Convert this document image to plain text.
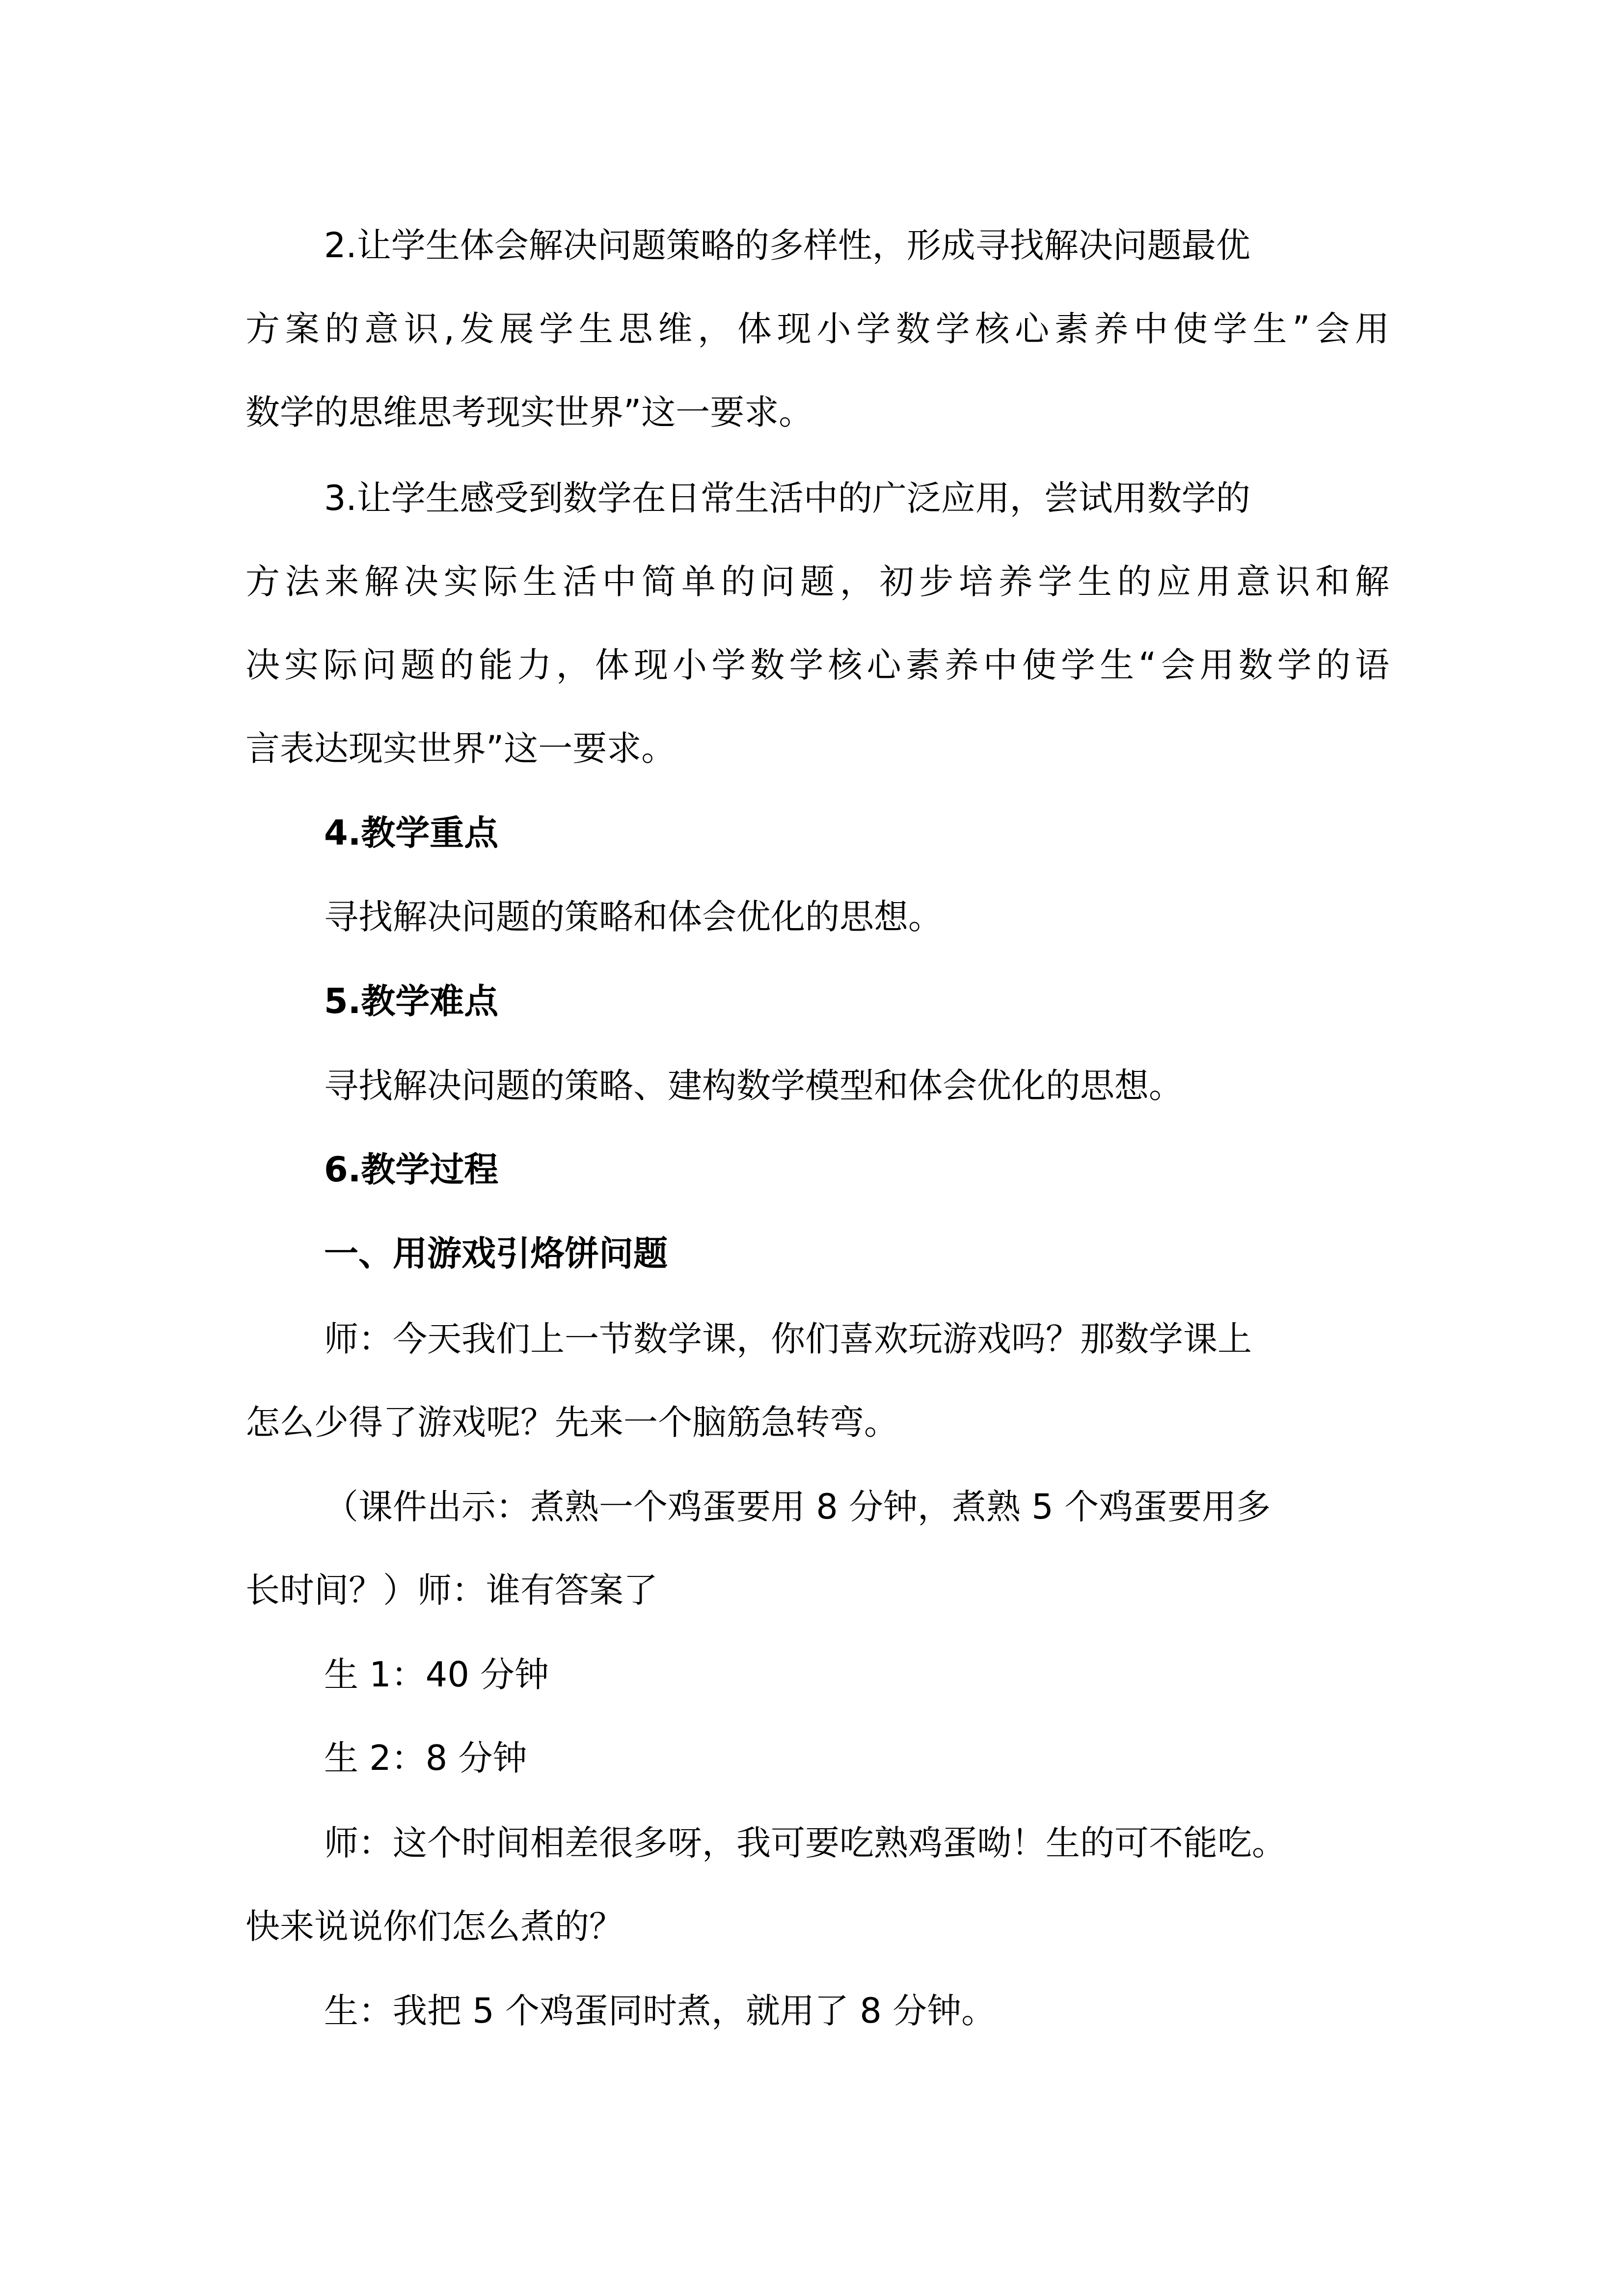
2.让学生体会解决问题策略的多样性，形成寻找解决问题最优
方案的意识,发展学生思维，体现小学数学核心素养中使学生”会用
数学的思维思考现实世界”这一要求。
3.让学生感受到数学在日常生活中的广泛应用，尝试用数学的
方法来解决实际生活中简单的问题，初步培养学生的应用意识和解
决实际问题的能力，体现小学数学核心素养中使学生“会用数学的语
言表达现实世界”这一要求。
4.教学重点
寻找解决问题的策略和体会优化的思想。
5.教学难点
寻找解决问题的策略、建构数学模型和体会优化的思想。
6.教学过程
一、用游戏引烙饼问题
师：今天我们上一节数学课，你们喜欢玩游戏吗？那数学课上
怎么少得了游戏呢？先来一个脑筋急转弯。
（课件出示：煮熟一个鸡蛋要用 8 分钟，煮熟 5 个鸡蛋要用多
长时间？）师：谁有答案了
生 1：40 分钟
生 2：8 分钟
师：这个时间相差很多呀，我可要吃熟鸡蛋呦！生的可不能吃。
快来说说你们怎么煮的？
生：我把 5 个鸡蛋同时煮，就用了 8 分钟。
